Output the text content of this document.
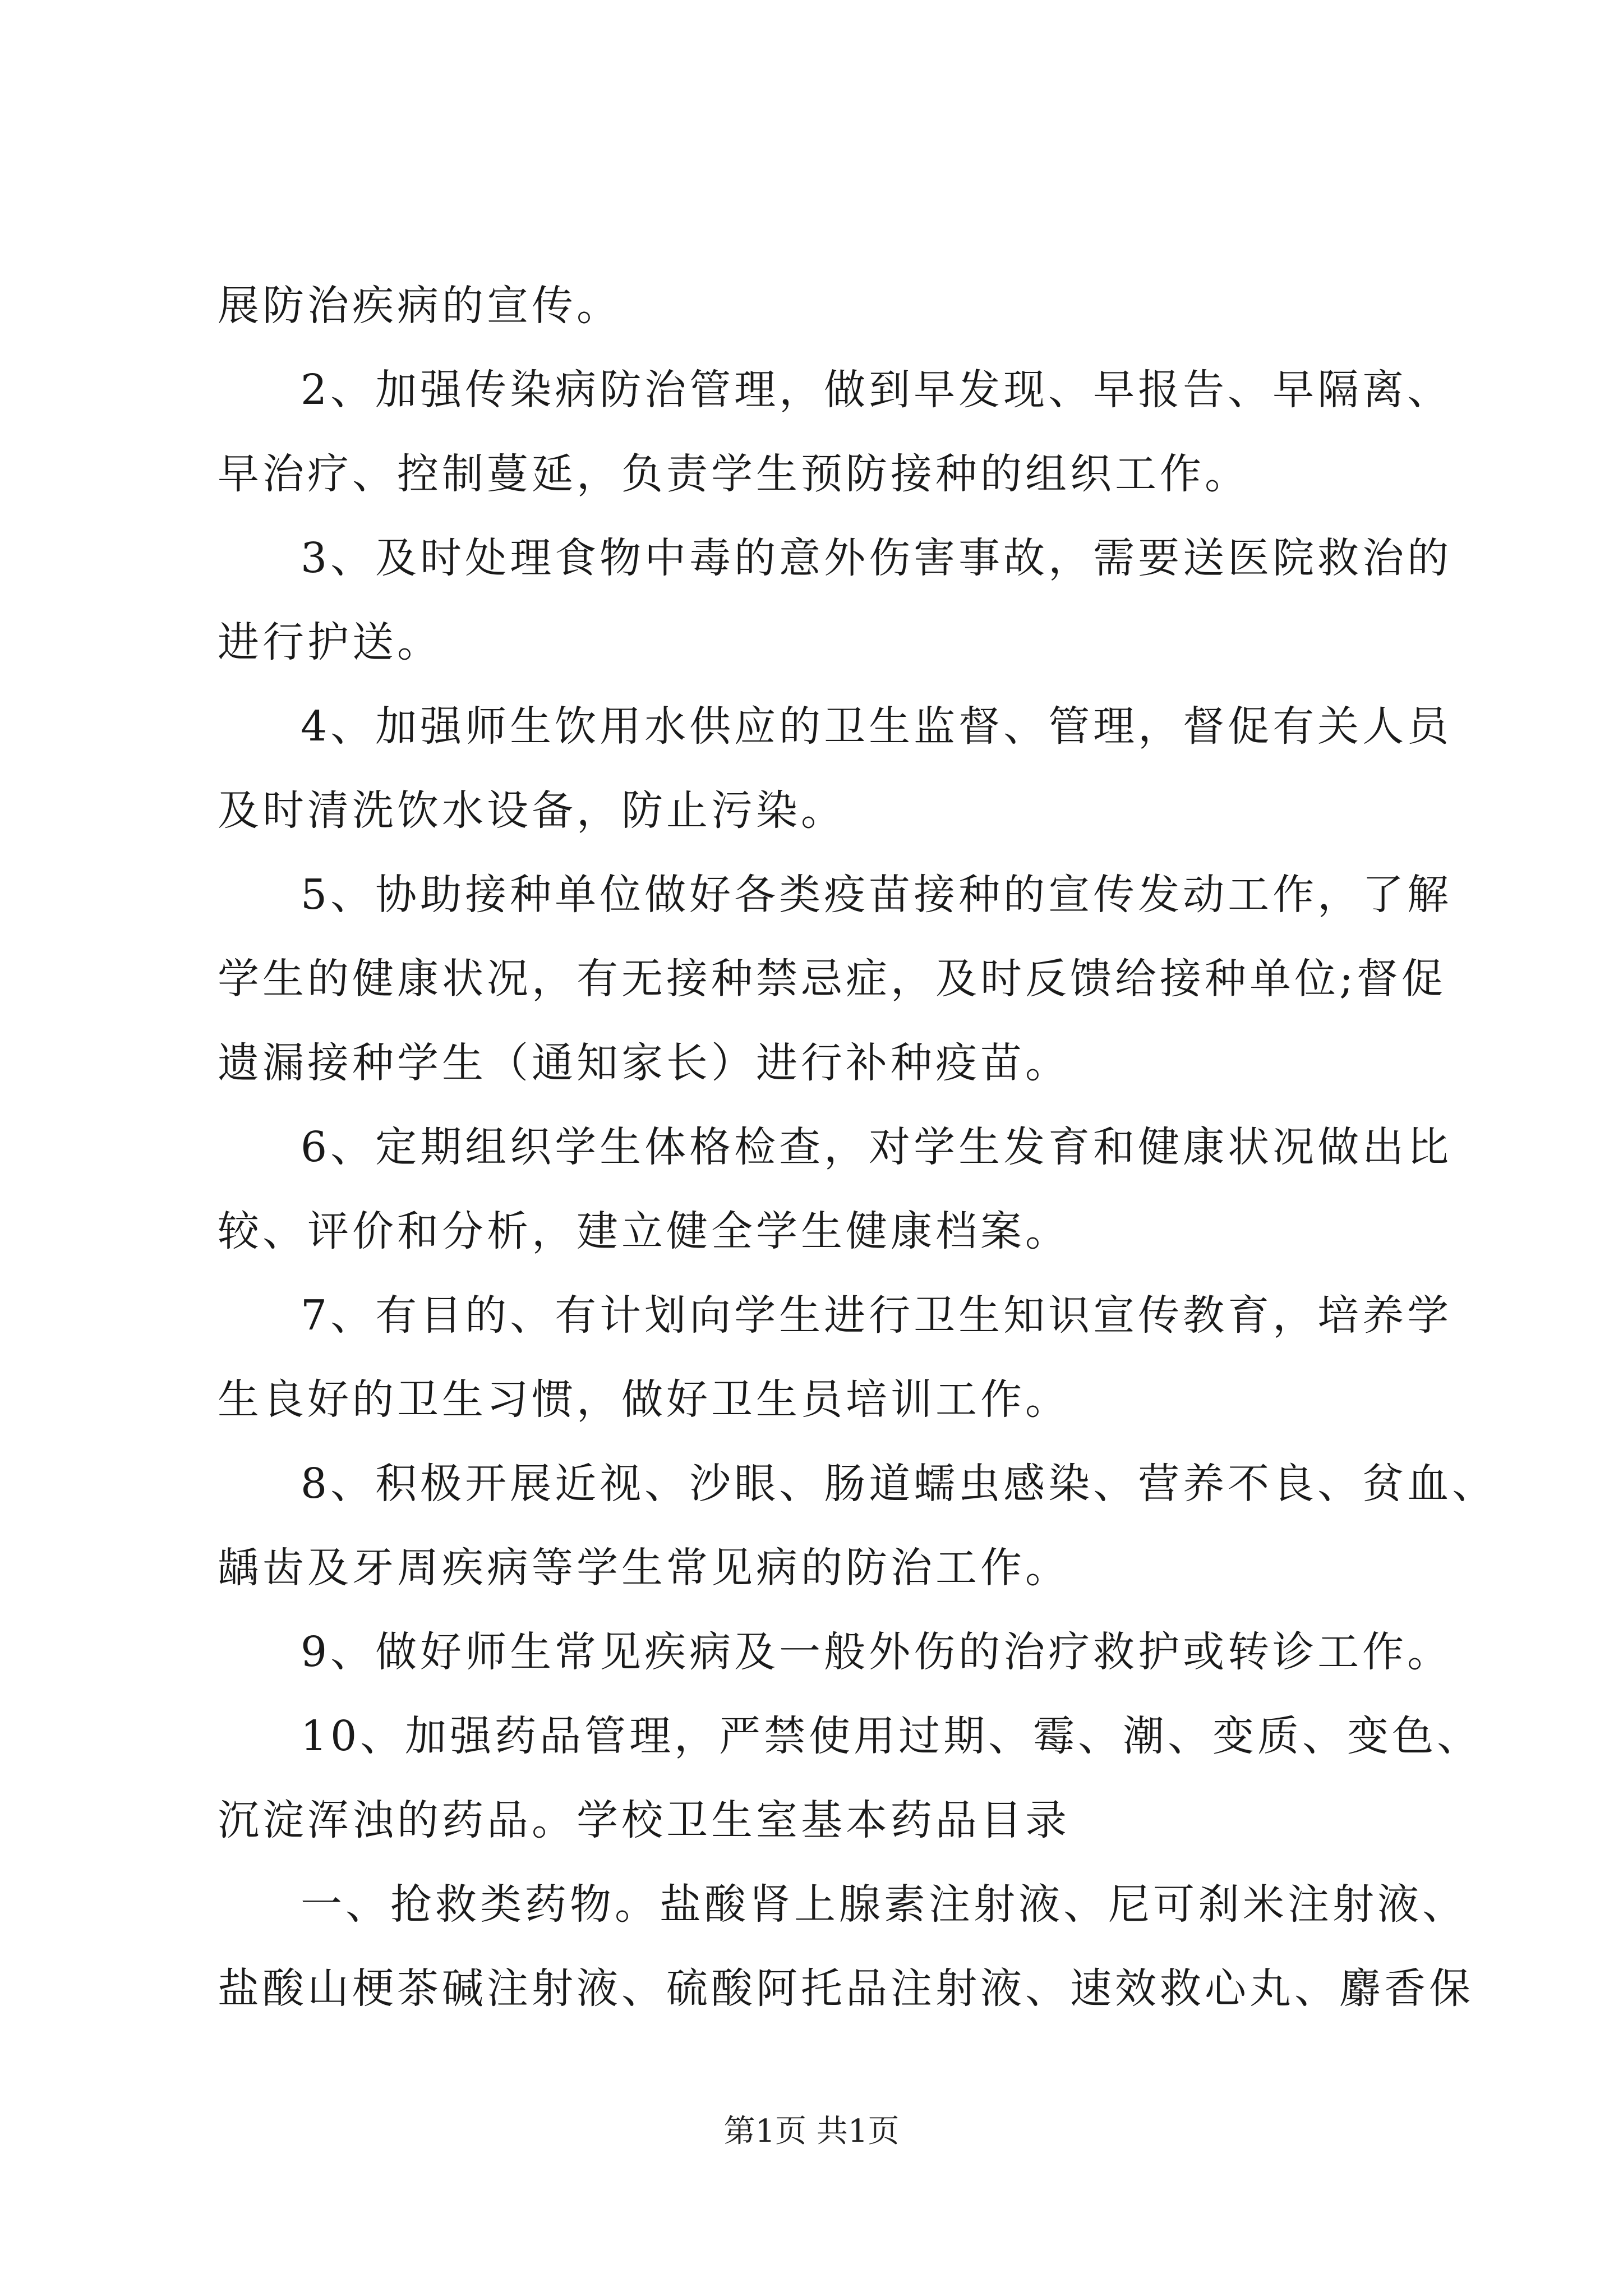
展防治疾病的宣传。
2、加强传染病防治管理，做到早发现、早报告、早隔离、
早治疗、控制蔓延，负责学生预防接种的组织工作。
3、及时处理食物中毒的意外伤害事故，需要送医院救治的
进行护送。
4、加强师生饮用水供应的卫生监督、管理，督促有关人员
及时清洗饮水设备，防止污染。
5、协助接种单位做好各类疫苗接种的宣传发动工作，了解
学生的健康状况，有无接种禁忌症，及时反馈给接种单位;督促
遗漏接种学生（通知家长）进行补种疫苗。
6、定期组织学生体格检查，对学生发育和健康状况做出比
较、评价和分析，建立健全学生健康档案。
7、有目的、有计划向学生进行卫生知识宣传教育，培养学
生良好的卫生习惯，做好卫生员培训工作。
8、积极开展近视、沙眼、肠道蠕虫感染、营养不良、贫血、
龋齿及牙周疾病等学生常见病的防治工作。
9、做好师生常见疾病及一般外伤的治疗救护或转诊工作。
10、加强药品管理，严禁使用过期、霉、潮、变质、变色、
沉淀浑浊的药品。学校卫生室基本药品目录
一、抢救类药物。盐酸肾上腺素注射液、尼可刹米注射液、
盐酸山梗茶碱注射液、硫酸阿托品注射液、速效救心丸、麝香保
第1页 共1页
